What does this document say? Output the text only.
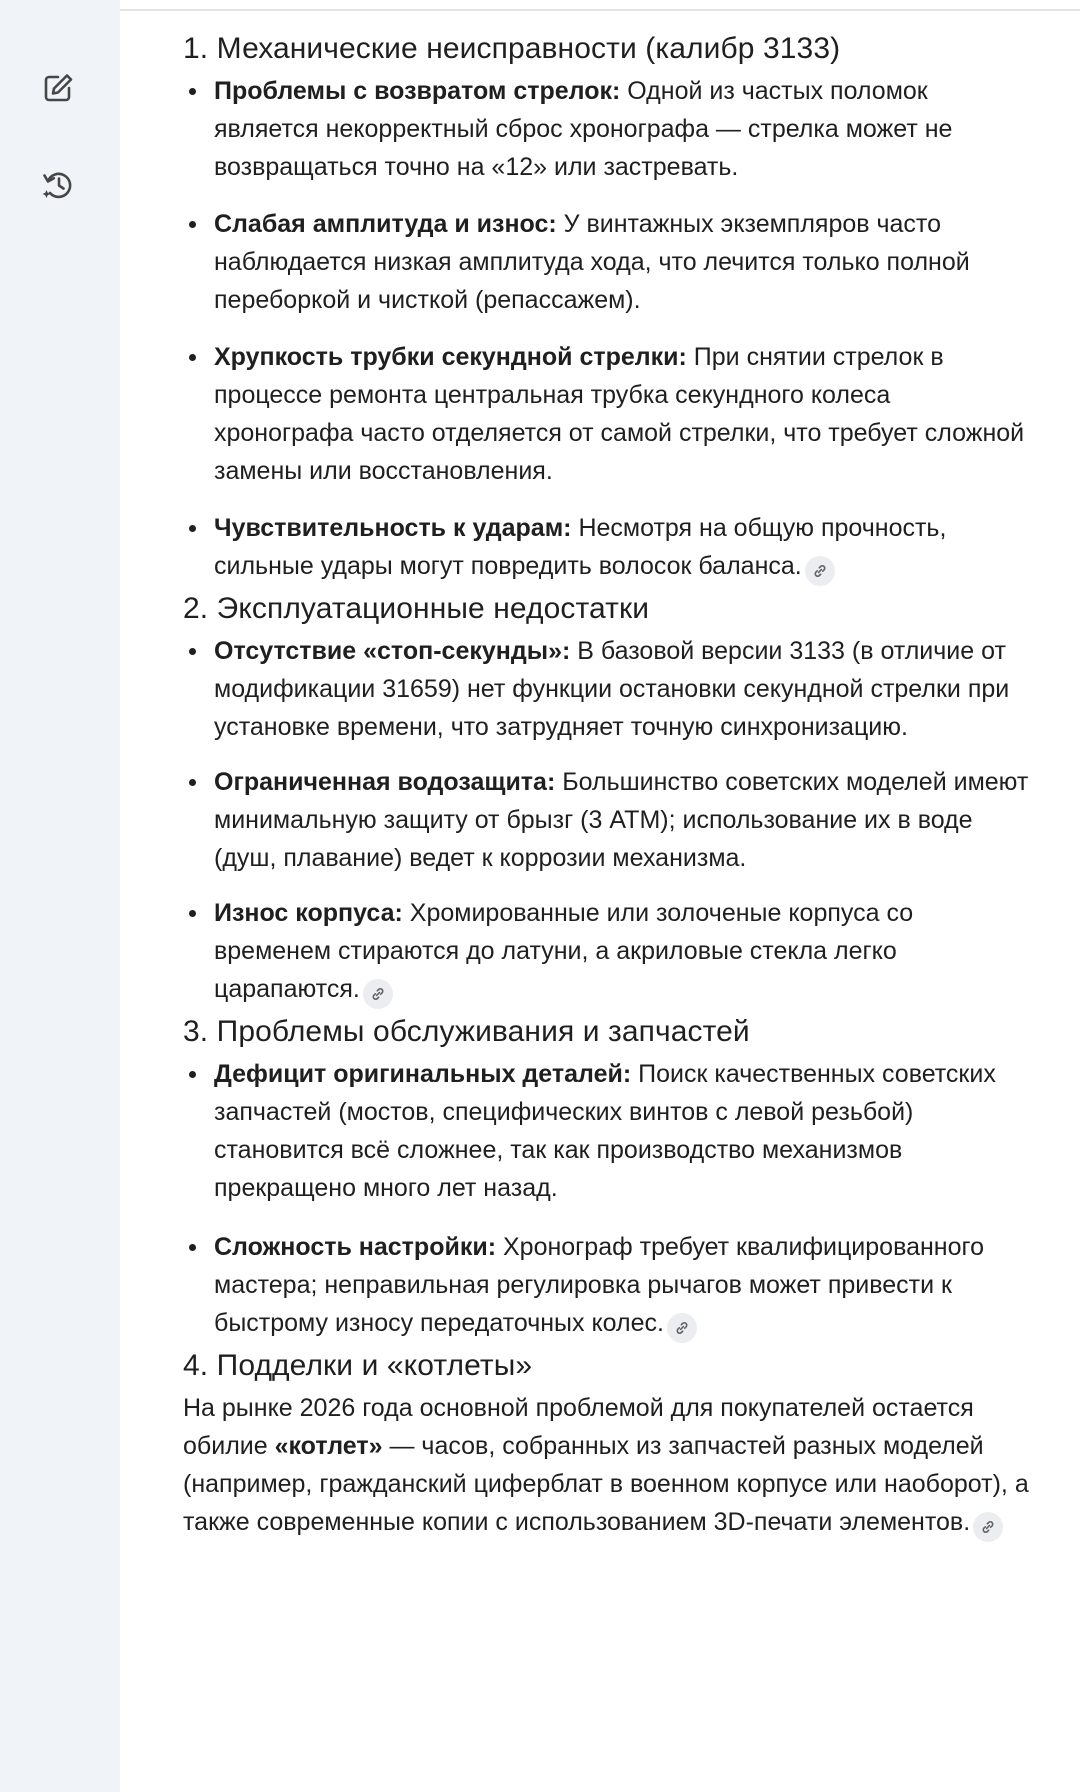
1. Механические неисправности (калибр 3133)
Проблемы с возвратом стрелок: Одной из частых поломок является некорректный сброс хронографа — стрелка может не возвращаться точно на «12» или застревать.
Слабая амплитуда и износ: У винтажных экземпляров часто наблюдается низкая амплитуда хода, что лечится только полной переборкой и чисткой (репассажем).
Хрупкость трубки секундной стрелки: При снятии стрелок в процессе ремонта центральная трубка секундного колеса хронографа часто отделяется от самой стрелки, что требует сложной замены или восстановления.
Чувствительность к ударам: Несмотря на общую прочность, сильные удары могут повредить волосок баланса.
2. Эксплуатационные недостатки
Отсутствие «стоп-секунды»: В базовой версии 3133 (в отличие от модификации 31659) нет функции остановки секундной стрелки при установке времени, что затрудняет точную синхронизацию.
Ограниченная водозащита: Большинство советских моделей имеют минимальную защиту от брызг (3 ATM); использование их в воде (душ, плавание) ведет к коррозии механизма.
Износ корпуса: Хромированные или золоченые корпуса со временем стираются до латуни, а акриловые стекла легко царапаются.
3. Проблемы обслуживания и запчастей
Дефицит оригинальных деталей: Поиск качественных советских запчастей (мостов, специфических винтов с левой резьбой) становится всё сложнее, так как производство механизмов прекращено много лет назад.
Сложность настройки: Хронограф требует квалифицированного мастера; неправильная регулировка рычагов может привести к быстрому износу передаточных колес.
4. Подделки и «котлеты»

На рынке 2026 года основной проблемой для покупателей остается обилие «котлет» — часов, собранных из запчастей разных моделей (например, гражданский циферблат в военном корпусе или наоборот), а также современные копии с использованием 3D-печати элементов.
